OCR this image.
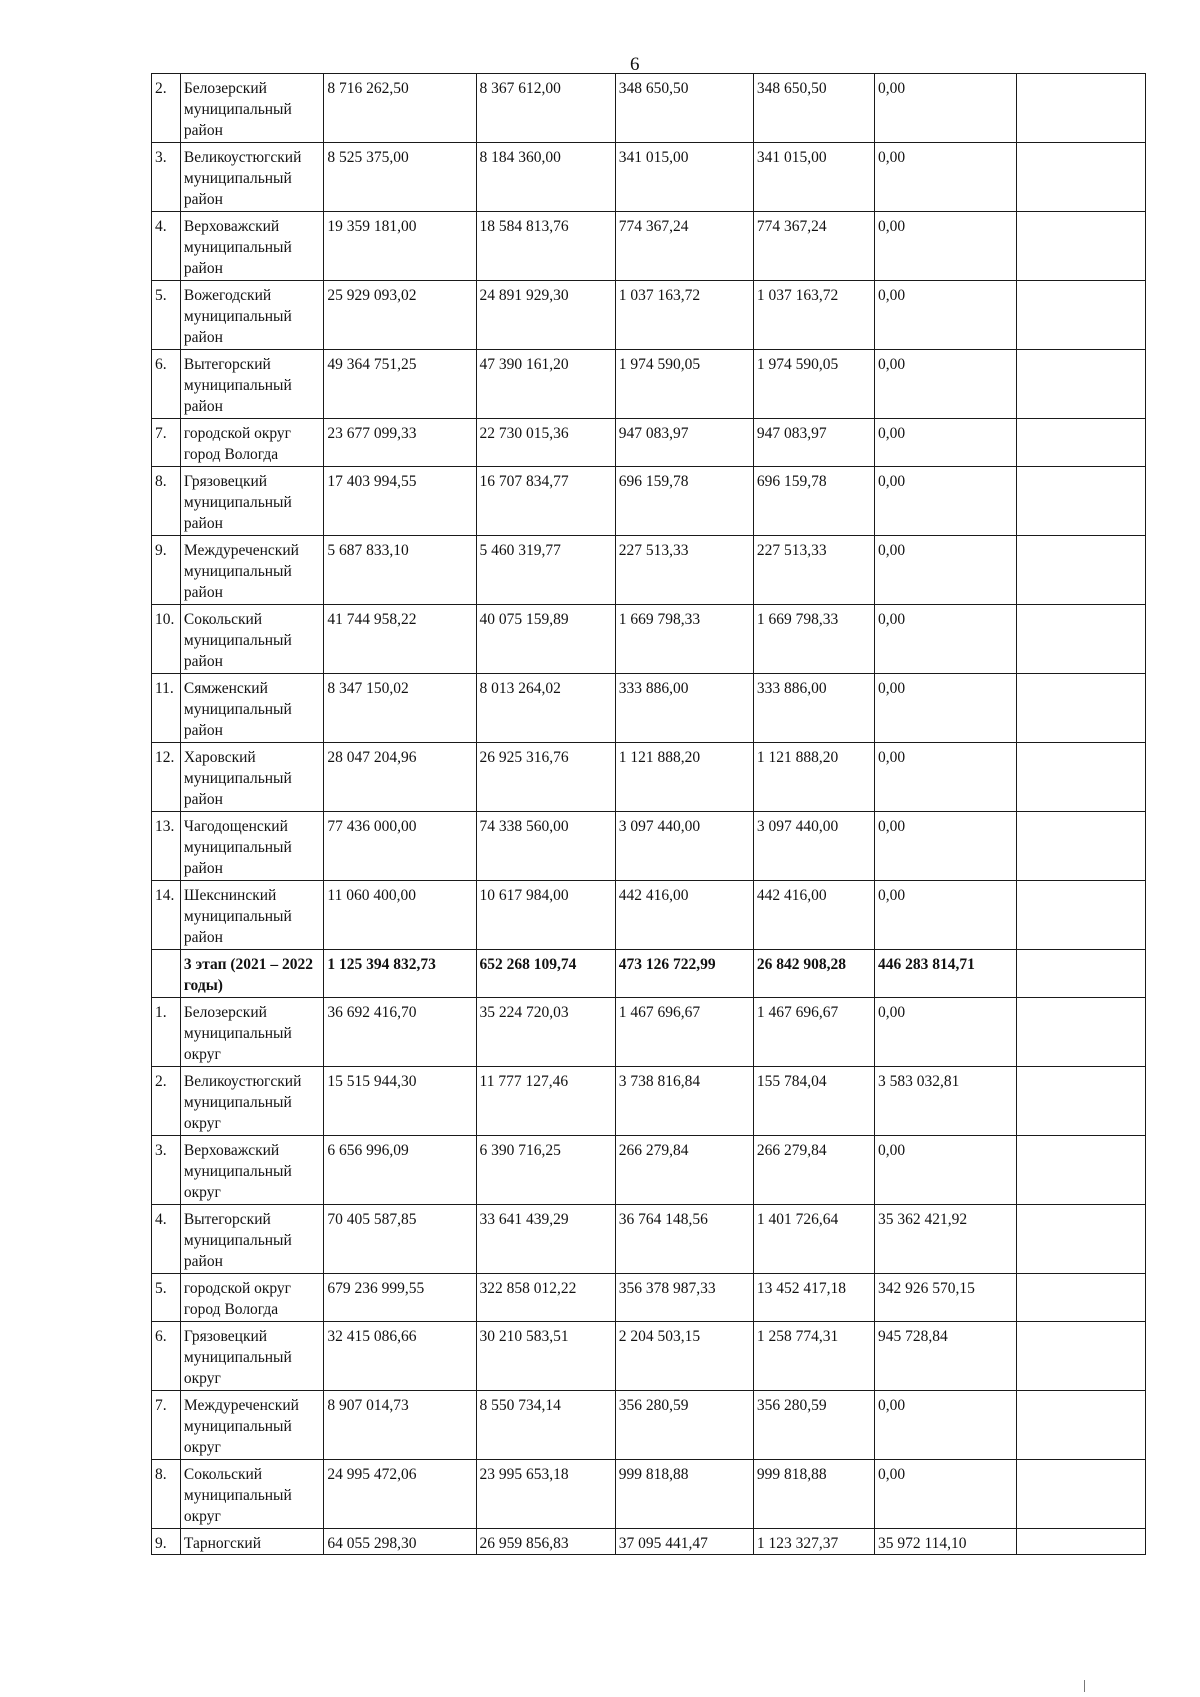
6
2.	Белозерский муниципальный район	8 716 262,50	8 367 612,00	348 650,50	348 650,50	0,00	
3.	Великоустюгский муниципальный район	8 525 375,00	8 184 360,00	341 015,00	341 015,00	0,00	
4.	Верховажский муниципальный район	19 359 181,00	18 584 813,76	774 367,24	774 367,24	0,00	
5.	Вожегодский муниципальный район	25 929 093,02	24 891 929,30	1 037 163,72	1 037 163,72	0,00	
6.	Вытегорский муниципальный район	49 364 751,25	47 390 161,20	1 974 590,05	1 974 590,05	0,00	
7.	городской округ город Вологда	23 677 099,33	22 730 015,36	947 083,97	947 083,97	0,00	
8.	Грязовецкий муниципальный район	17 403 994,55	16 707 834,77	696 159,78	696 159,78	0,00	
9.	Междуреченский муниципальный район	5 687 833,10	5 460 319,77	227 513,33	227 513,33	0,00	
10.	Сокольский муниципальный район	41 744 958,22	40 075 159,89	1 669 798,33	1 669 798,33	0,00	
11.	Сямженский муниципальный район	8 347 150,02	8 013 264,02	333 886,00	333 886,00	0,00	
12.	Харовский муниципальный район	28 047 204,96	26 925 316,76	1 121 888,20	1 121 888,20	0,00	
13.	Чагодощенский муниципальный район	77 436 000,00	74 338 560,00	3 097 440,00	3 097 440,00	0,00	
14.	Шекснинский муниципальный район	11 060 400,00	10 617 984,00	442 416,00	442 416,00	0,00	
	3 этап (2021 – 2022 годы)	1 125 394 832,73	652 268 109,74	473 126 722,99	26 842 908,28	446 283 814,71	
1.	Белозерский муниципальный округ	36 692 416,70	35 224 720,03	1 467 696,67	1 467 696,67	0,00	
2.	Великоустюгский муниципальный округ	15 515 944,30	11 777 127,46	3 738 816,84	155 784,04	3 583 032,81	
3.	Верховажский муниципальный округ	6 656 996,09	6 390 716,25	266 279,84	266 279,84	0,00	
4.	Вытегорский муниципальный район	70 405 587,85	33 641 439,29	36 764 148,56	1 401 726,64	35 362 421,92	
5.	городской округ город Вологда	679 236 999,55	322 858 012,22	356 378 987,33	13 452 417,18	342 926 570,15	
6.	Грязовецкий муниципальный округ	32 415 086,66	30 210 583,51	2 204 503,15	1 258 774,31	945 728,84	
7.	Междуреченский муниципальный округ	8 907 014,73	8 550 734,14	356 280,59	356 280,59	0,00	
8.	Сокольский муниципальный округ	24 995 472,06	23 995 653,18	999 818,88	999 818,88	0,00	
9.	Тарногский	64 055 298,30	26 959 856,83	37 095 441,47	1 123 327,37	35 972 114,10	
